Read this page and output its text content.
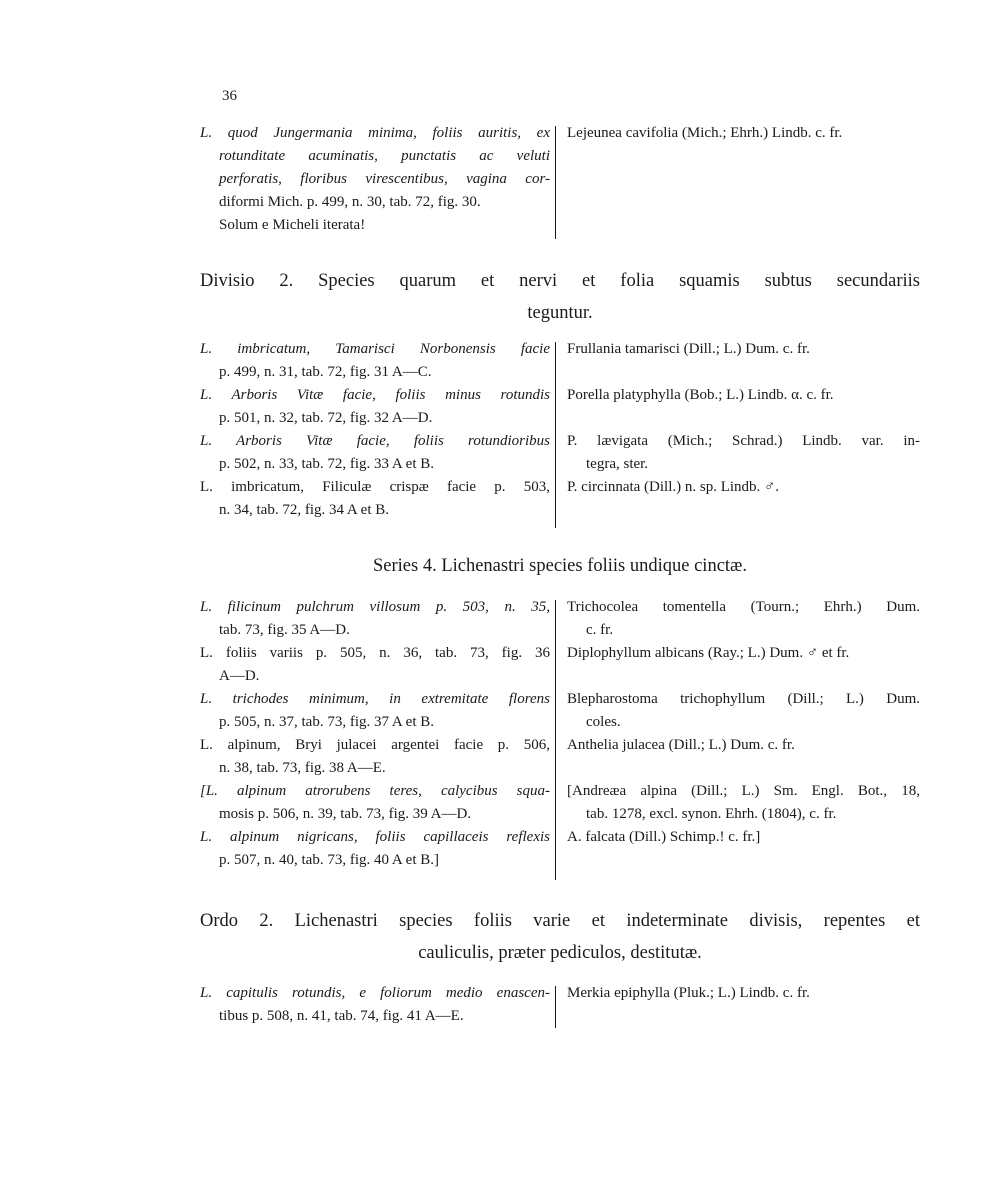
36
L. quod Jungermania minima, foliis auritis, ex
rotunditate acuminatis, punctatis ac veluti
perforatis, floribus virescentibus, vagina cor-
diformi Mich. p. 499, n. 30, tab. 72, fig. 30.
Solum e Micheli iterata!
Lejeunea cavifolia (Mich.; Ehrh.) Lindb. c. fr.
Divisio 2. Species quarum et nervi et folia squamis subtus secundariis
teguntur.
L. imbricatum, Tamarisci Norbonensis facie
p. 499, n. 31, tab. 72, fig. 31 A—C.
L. Arboris Vitæ facie, foliis minus rotundis
p. 501, n. 32, tab. 72, fig. 32 A—D.
L. Arboris Vitæ facie, foliis rotundioribus
p. 502, n. 33, tab. 72, fig. 33 A et B.
L. imbricatum, Filiculæ crispæ facie p. 503,
n. 34, tab. 72, fig. 34 A et B.
Frullania tamarisci (Dill.; L.) Dum. c. fr.

Porella platyphylla (Bob.; L.) Lindb. α. c. fr.

P. lævigata (Mich.; Schrad.) Lindb. var. in-
tegra, ster.
P. circinnata (Dill.) n. sp. Lindb. ♂.
Series 4. Lichenastri species foliis undique cinctæ.
L. filicinum pulchrum villosum p. 503, n. 35,
tab. 73, fig. 35 A—D.
L. foliis variis p. 505, n. 36, tab. 73, fig. 36
A—D.
L. trichodes minimum, in extremitate florens
p. 505, n. 37, tab. 73, fig. 37 A et B.
L. alpinum, Bryi julacei argentei facie p. 506,
n. 38, tab. 73, fig. 38 A—E.
[L. alpinum atrorubens teres, calycibus squa-
mosis p. 506, n. 39, tab. 73, fig. 39 A—D.
L. alpinum nigricans, foliis capillaceis reflexis
p. 507, n. 40, tab. 73, fig. 40 A et B.]
Trichocolea tomentella (Tourn.; Ehrh.) Dum.
c. fr.
Diplophyllum albicans (Ray.; L.) Dum. ♂ et fr.

Blepharostoma trichophyllum (Dill.; L.) Dum.
coles.
Anthelia julacea (Dill.; L.) Dum. c. fr.

[Andreæa alpina (Dill.; L.) Sm. Engl. Bot., 18,
tab. 1278, excl. synon. Ehrh. (1804), c. fr.
A. falcata (Dill.) Schimp.! c. fr.]
Ordo 2. Lichenastri species foliis varie et indeterminate divisis, repentes et
cauliculis, præter pediculos, destitutæ.
L. capitulis rotundis, e foliorum medio enascen-
tibus p. 508, n. 41, tab. 74, fig. 41 A—E.
Merkia epiphylla (Pluk.; L.) Lindb. c. fr.
